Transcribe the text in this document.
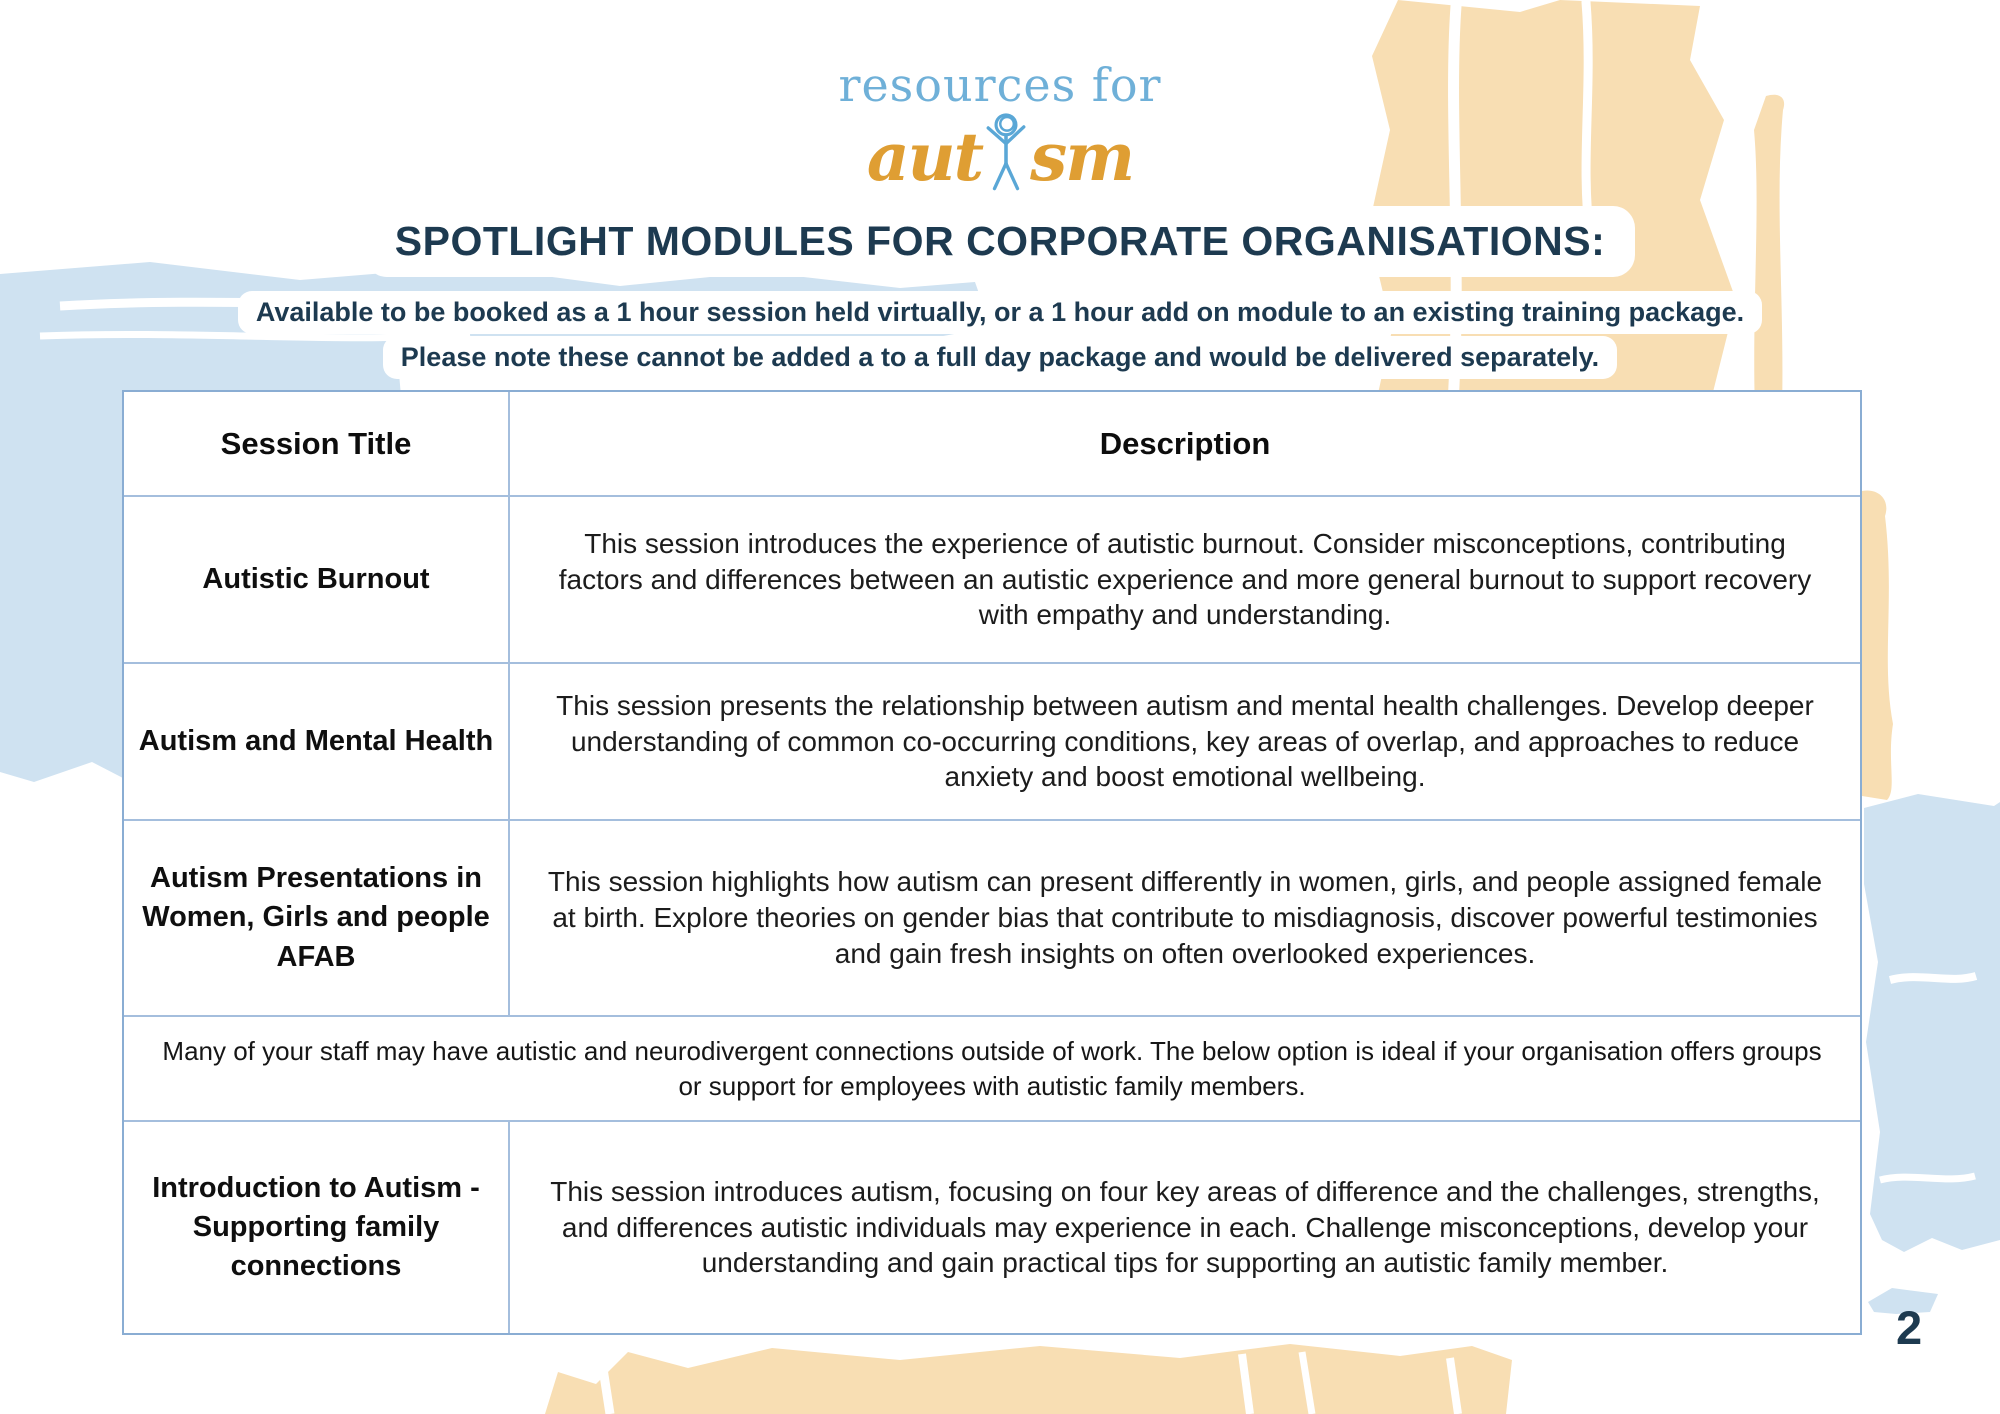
resources for
aut sm
SPOTLIGHT MODULES FOR CORPORATE ORGANISATIONS:
Available to be booked as a 1 hour session held virtually, or a 1 hour add on module to an existing training package.
Please note these cannot be added a to a full day package and would be delivered separately.
Session Title	Description
Autistic Burnout
This session introduces the experience of autistic burnout. Consider misconceptions, contributing factors and differences between an autistic experience and more general burnout to support recovery with empathy and understanding.
Autism and Mental Health
This session presents the relationship between autism and mental health challenges. Develop deeper understanding of common co-occurring conditions, key areas of overlap, and approaches to reduce anxiety and boost emotional wellbeing.
Autism Presentations in Women, Girls and people AFAB
This session highlights how autism can present differently in women, girls, and people assigned female at birth. Explore theories on gender bias that contribute to misdiagnosis, discover powerful testimonies and gain fresh insights on often overlooked experiences.
Many of your staff may have autistic and neurodivergent connections outside of work. The below option is ideal if your organisation offers groups or support for employees with autistic family members.
Introduction to Autism - Supporting family connections
This session introduces autism, focusing on four key areas of difference and the challenges, strengths, and differences autistic individuals may experience in each. Challenge misconceptions, develop your understanding and gain practical tips for supporting an autistic family member.
2
